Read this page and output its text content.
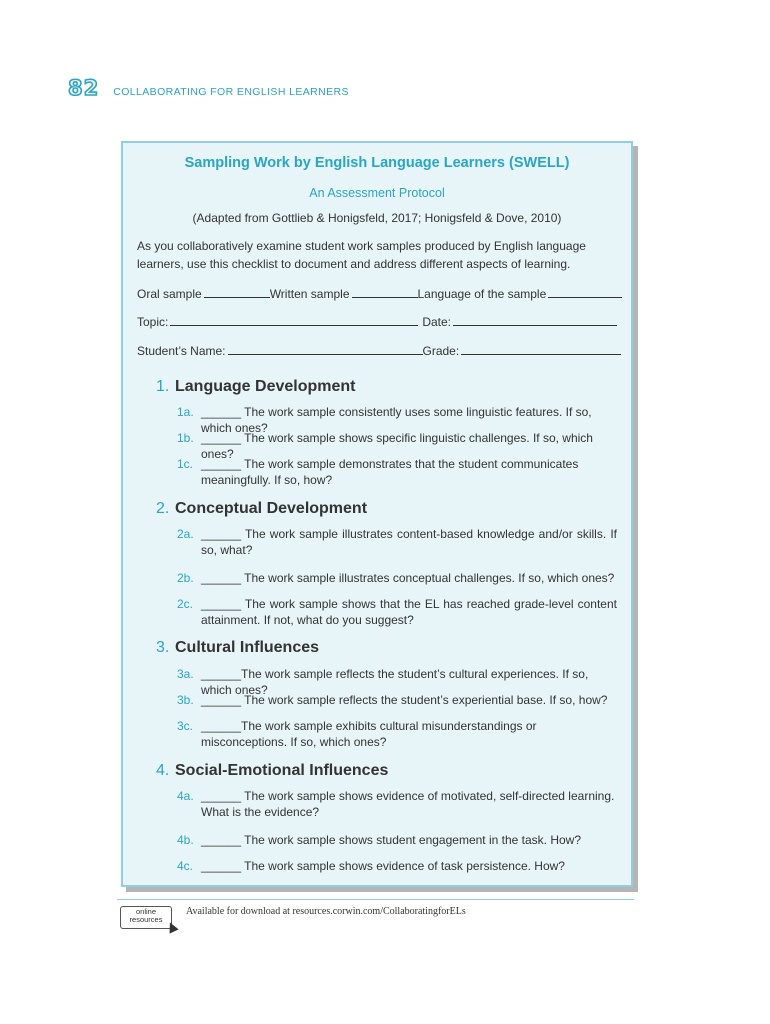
82 COLLABORATING FOR ENGLISH LEARNERS
Sampling Work by English Language Learners (SWELL)
An Assessment Protocol
(Adapted from Gottlieb & Honigsfeld, 2017; Honigsfeld & Dove, 2010)
As you collaboratively examine student work samples produced by English language learners, use this checklist to document and address different aspects of learning.
Oral sample	Written sample	Language of the sample
Topic:	Date:
Student’s Name:	Grade:
1. Language Development
1a. ______ The work sample consistently uses some linguistic features. If so, which ones?
1b. ______ The work sample shows specific linguistic challenges. If so, which ones?
1c. ______ The work sample demonstrates that the student communicates meaningfully. If so, how?
2. Conceptual Development
2a. ______ The work sample illustrates content-based knowledge and/or skills. If so, what?
2b. ______ The work sample illustrates conceptual challenges. If so, which ones?
2c. ______ The work sample shows that the EL has reached grade-level content attainment. If not, what do you suggest?
3. Cultural Influences
3a. ______The work sample reflects the student’s cultural experiences. If so, which ones?
3b. ______ The work sample reflects the student’s experiential base. If so, how?
3c. ______The work sample exhibits cultural misunderstandings or misconceptions. If so, which ones?
4. Social-Emotional Influences
4a. ______ The work sample shows evidence of motivated, self-directed learning. What is the evidence?
4b. ______ The work sample shows student engagement in the task. How?
4c. ______ The work sample shows evidence of task persistence. How?
online
resources
Available for download at resources.corwin.com/CollaboratingforELs
